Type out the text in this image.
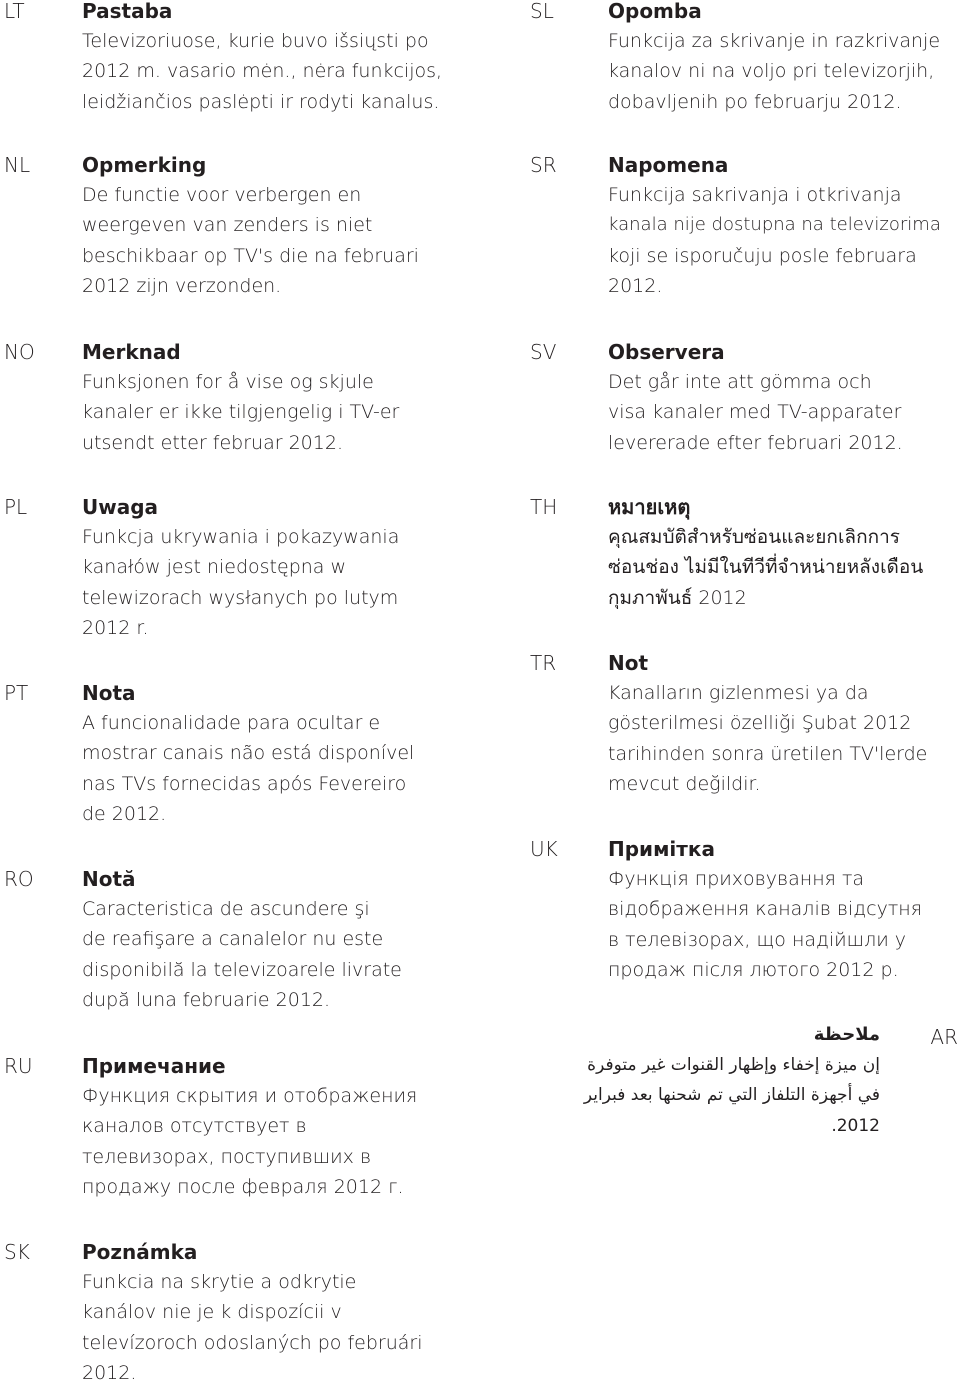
LT	Pastaba
Televizoriuose, kurie buvo išsiųsti po
2012 m. vasario mėn., nėra funkcijos,
leidžiančios paslėpti ir rodyti kanalus.
NL	Opmerking
De functie voor verbergen en
weergeven van zenders is niet
beschikbaar op TV's die na februari
2012 zijn verzonden.
NO Merknad
Funksjonen for å vise og skjule
kanaler er ikke tilgjengelig i TV-er
utsendt etter februar 2012.
PL	Uwaga
Funkcja ukrywania i pokazywania
kanałów jest niedostępna w
telewizorach wysłanych po lutym
2012 r.
PT	Nota
A funcionalidade para ocultar e
mostrar canais não está disponível
nas TVs fornecidas após Fevereiro
de 2012.
RO Notă
Caracteristica de ascundere şi
de reafişare a canalelor nu este
disponibilă la televizoarele livrate
după luna februarie 2012.
RU Примечание
Функция скрытия и отображения
каналов отсутствует в
телевизорах, поступивших в
продажу после февраля 2012 г.
SK	Poznámka
Funkcia na skrytie a odkrytie
kanálov nie je k dispozícii v
televízoroch odoslaných po februári
2012.
SL	Opomba
Funkcija za skrivanje in razkrivanje
kanalov ni na voljo pri televizorjih,
dobavljenih po februarju 2012.
SR	Napomena
Funkcija sakrivanja i otkrivanja
kanala nije dostupna na televizorima
koji se isporučuju posle februara
2012.
SV	Observera
Det går inte att gömma och
visa kanaler med TV-apparater
levererade efter februari 2012.
TH	หมายเหตุ
คุณสมบัติสำหรับซ่อนและยกเลิกการ
ซ่อนช่อง ไม่มีในทีวีที่จำหน่ายหลังเดือน
กุมภาพันธ์ 2012
TR	Not
Kanalların gizlenmesi ya da
gösterilmesi özelliği Şubat 2012
tarihinden sonra üretilen TV'lerde
mevcut değildir.
UK	Примітка
Функція приховування та
відображення каналів відсутня
в телевізорах, що надійшли у
продаж після лютого 2012 р.
AR
ملاحظة
إن ميزة إخفاء وإظهار القنوات غير متوفرة
في أجهزة التلفاز التي تم شحنها بعد فبراير
2012.
